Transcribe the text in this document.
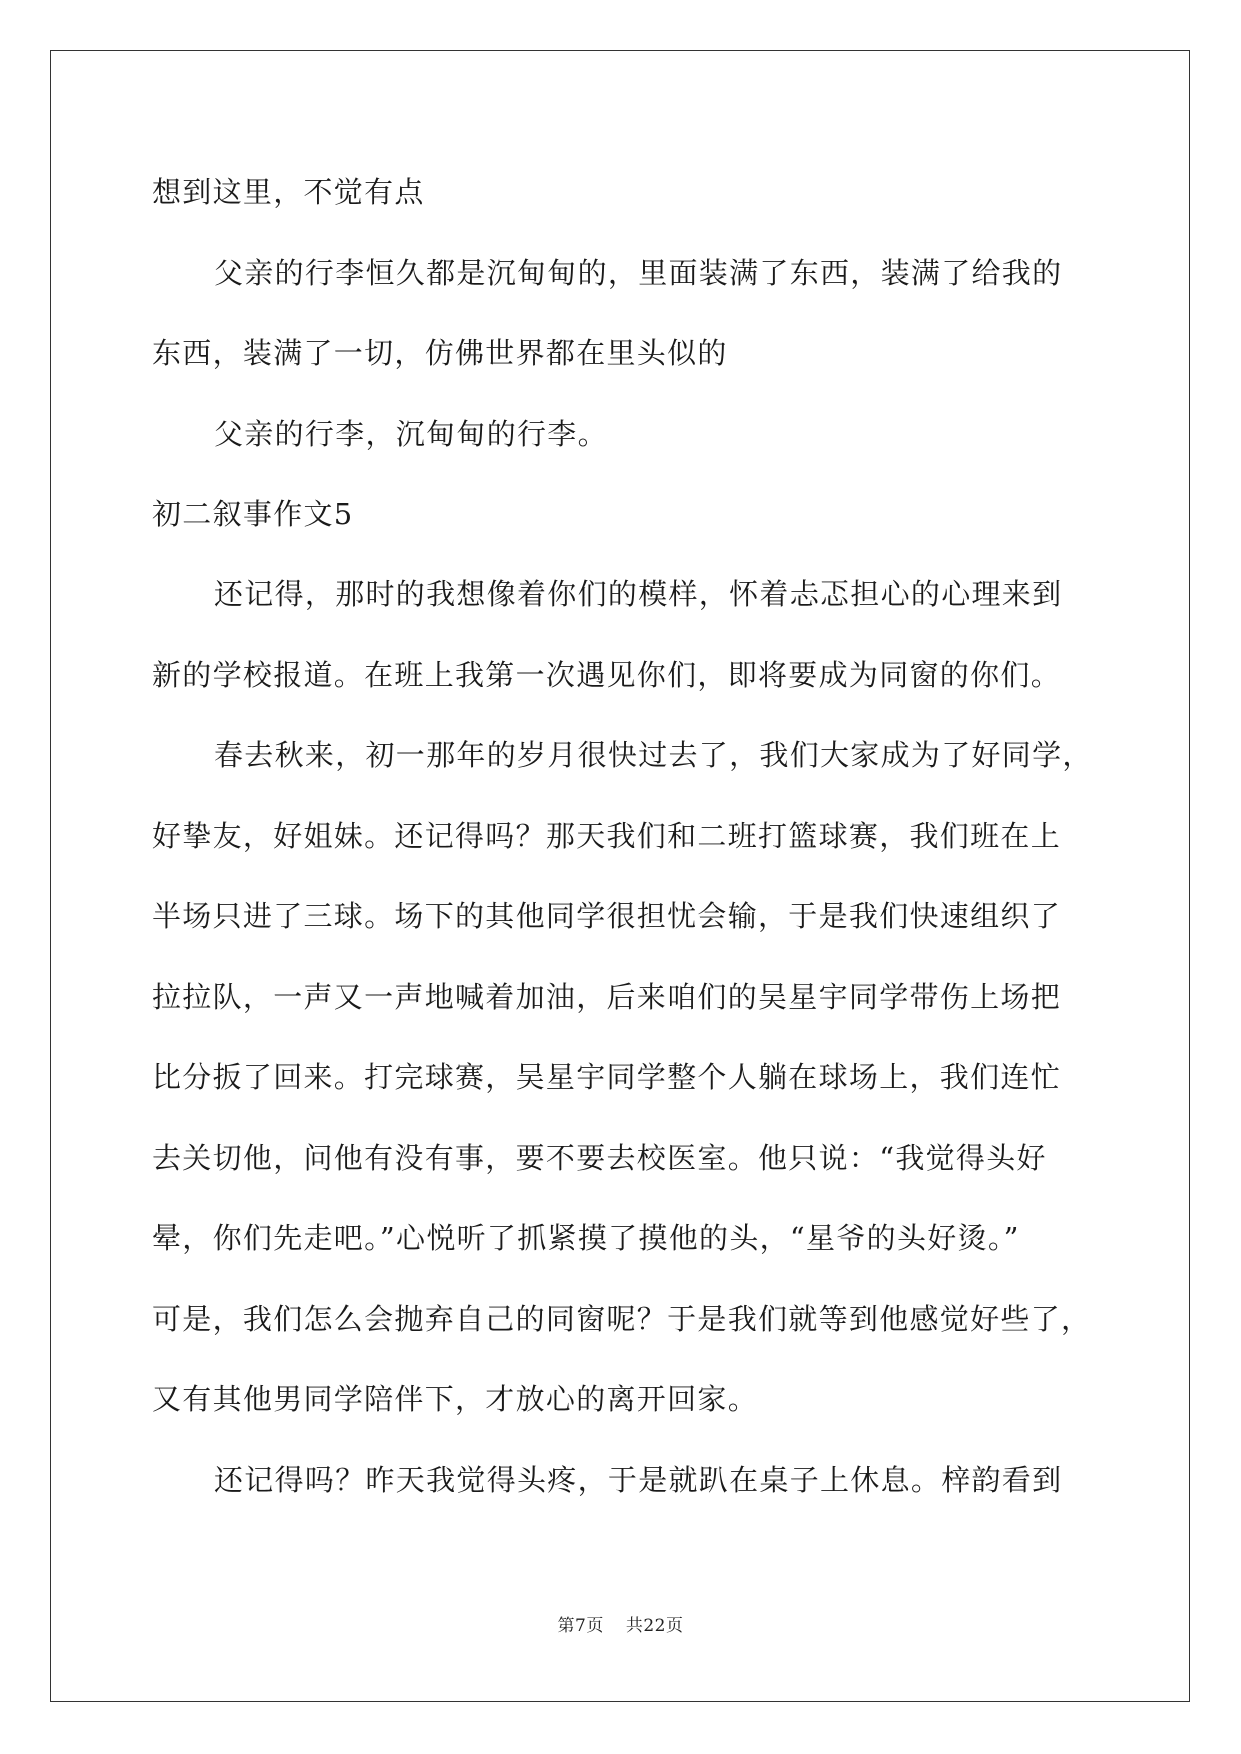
想到这里，不觉有点
父亲的行李恒久都是沉甸甸的，里面装满了东西，装满了给我的
东西，装满了一切，仿佛世界都在里头似的
父亲的行李，沉甸甸的行李。
初二叙事作文5
还记得，那时的我想像着你们的模样，怀着忐忑担心的心理来到
新的学校报道。在班上我第一次遇见你们，即将要成为同窗的你们。
春去秋来，初一那年的岁月很快过去了，我们大家成为了好同学，
好挚友，好姐妹。还记得吗？那天我们和二班打篮球赛，我们班在上
半场只进了三球。场下的其他同学很担忧会输，于是我们快速组织了
拉拉队，一声又一声地喊着加油，后来咱们的吴星宇同学带伤上场把
比分扳了回来。打完球赛，吴星宇同学整个人躺在球场上，我们连忙
去关切他，问他有没有事，要不要去校医室。他只说：“我觉得头好
晕，你们先走吧。”心悦听了抓紧摸了摸他的头，“星爷的头好烫。”
可是，我们怎么会抛弃自己的同窗呢？于是我们就等到他感觉好些了，
又有其他男同学陪伴下，才放心的离开回家。
还记得吗？昨天我觉得头疼，于是就趴在桌子上休息。梓韵看到
第7页 共22页
